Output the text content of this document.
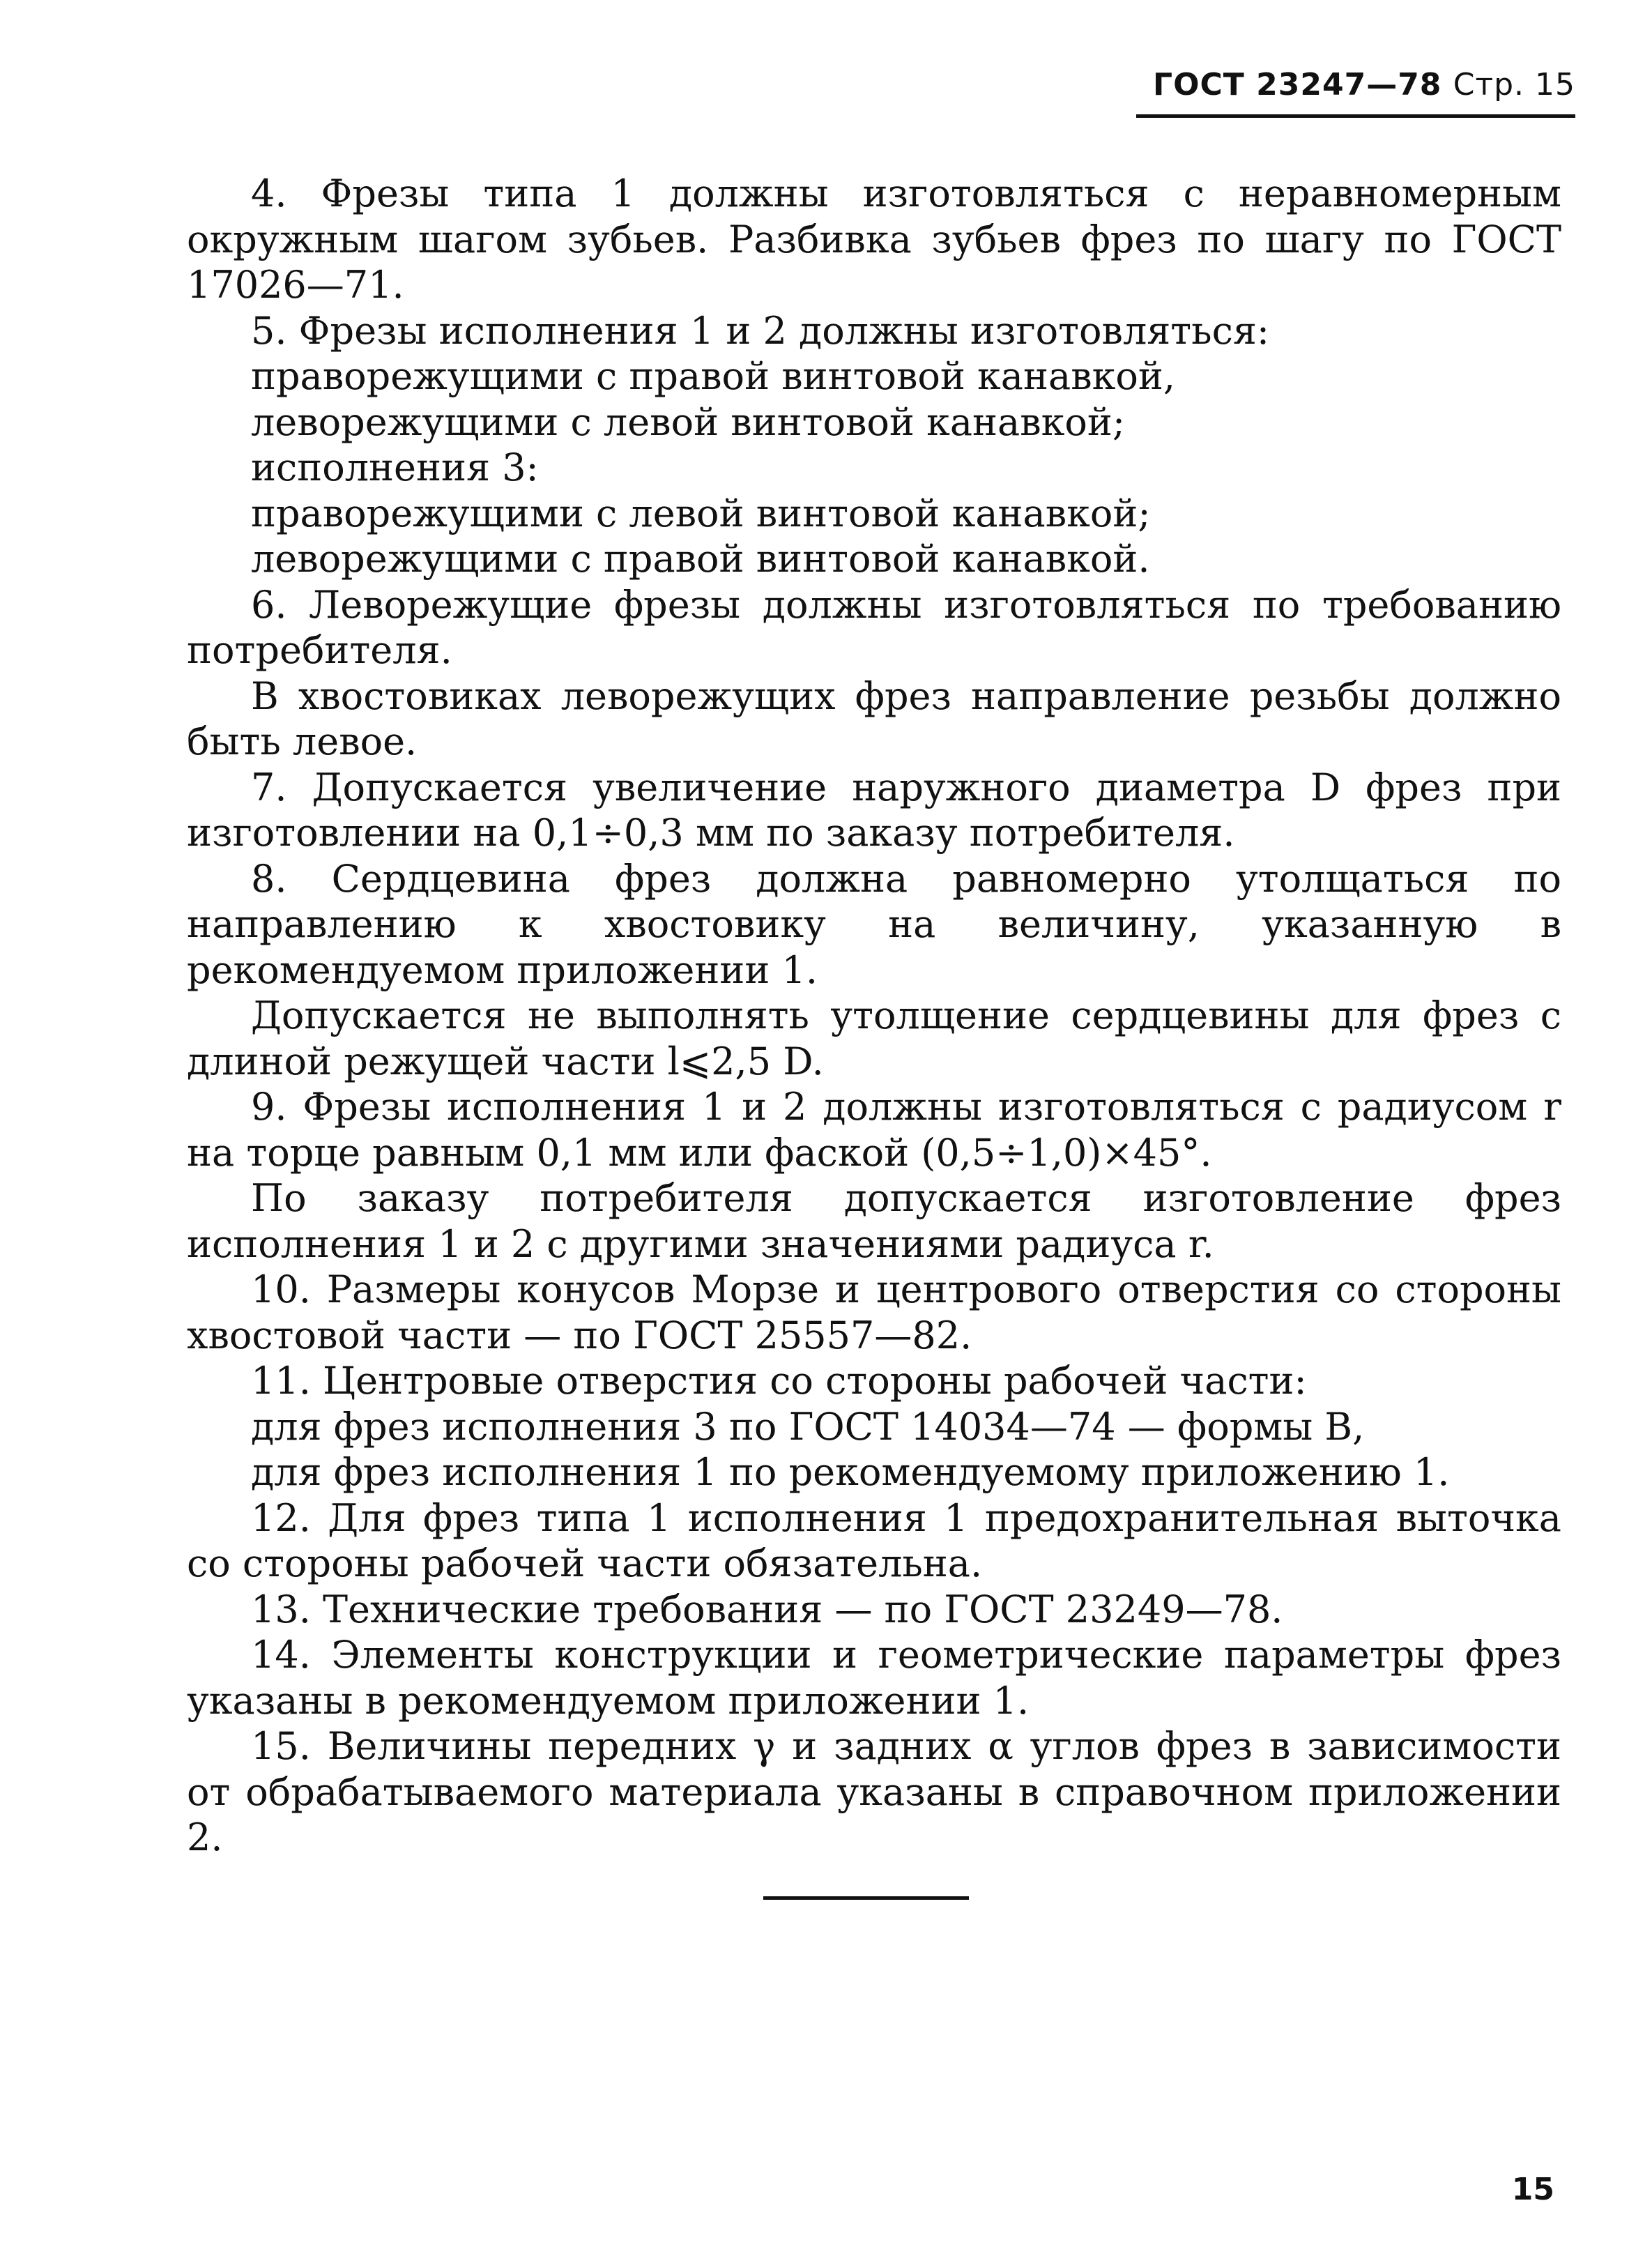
ГОСТ 23247—78 Стр. 15

4. Фрезы типа 1 должны изготовляться с неравномерным окружным шагом зубьев. Разбивка зубьев фрез по шагу по ГОСТ 17026—71.

5. Фрезы исполнения 1 и 2 должны изготовляться:

праворежущими с правой винтовой канавкой,

леворежущими с левой винтовой канавкой;

исполнения 3:

праворежущими с левой винтовой канавкой;

леворежущими с правой винтовой канавкой.

6. Леворежущие фрезы должны изготовляться по требованию потребителя.

В хвостовиках леворежущих фрез направление резьбы должно быть левое.

7. Допускается увеличение наружного диаметра D фрез при изготовлении на 0,1÷0,3 мм по заказу потребителя.

8. Сердцевина фрез должна равномерно утолщаться по направлению к хвостовику на величину, указанную в рекомендуемом приложении 1.

Допускается не выполнять утолщение сердцевины для фрез с длиной режущей части l⩽2,5 D.

9. Фрезы исполнения 1 и 2 должны изготовляться с радиусом r на торце равным 0,1 мм или фаской (0,5÷1,0)×45°.

По заказу потребителя допускается изготовление фрез исполнения 1 и 2 с другими значениями радиуса r.

10. Размеры конусов Морзе и центрового отверстия со стороны хвостовой части — по ГОСТ 25557—82.

11. Центровые отверстия со стороны рабочей части:

для фрез исполнения 3 по ГОСТ 14034—74 — формы В,

для фрез исполнения 1 по рекомендуемому приложению 1.

12. Для фрез типа 1 исполнения 1 предохранительная выточка со стороны рабочей части обязательна.

13. Технические требования — по ГОСТ 23249—78.

14. Элементы конструкции и геометрические параметры фрез указаны в рекомендуемом приложении 1.

15. Величины передних γ и задних α углов фрез в зависимости от обрабатываемого материала указаны в справочном приложении 2.

15
